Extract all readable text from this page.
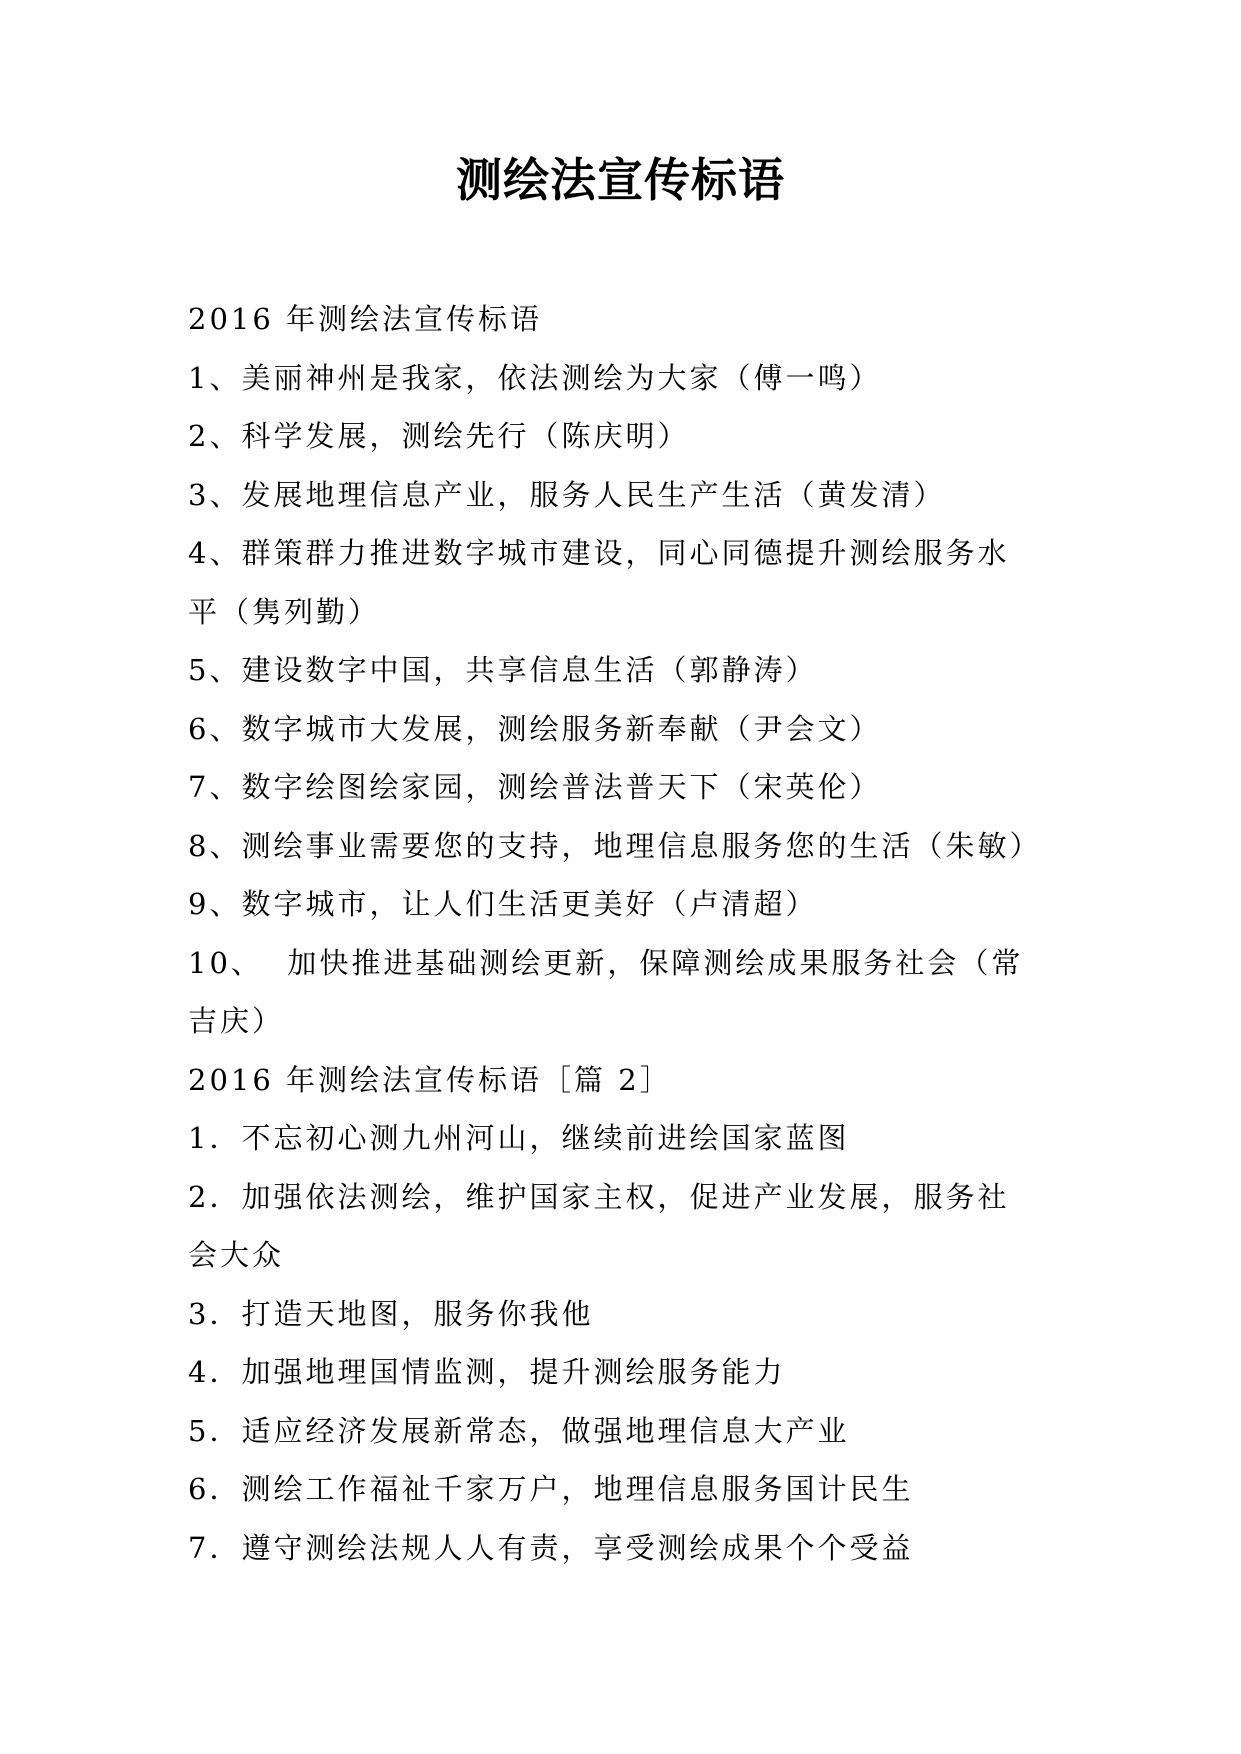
测绘法宣传标语
2016 年测绘法宣传标语
1、美丽神州是我家，依法测绘为大家（傅一鸣）
2、科学发展，测绘先行（陈庆明）
3、发展地理信息产业，服务人民生产生活（黄发清）
4、群策群力推进数字城市建设，同心同德提升测绘服务水
平（隽列勤）
5、建设数字中国，共享信息生活（郭静涛）
6、数字城市大发展，测绘服务新奉献（尹会文）
7、数字绘图绘家园，测绘普法普天下（宋英伦）
8、测绘事业需要您的支持，地理信息服务您的生活（朱敏）
9、数字城市，让人们生活更美好（卢清超）
10、  加快推进基础测绘更新，保障测绘成果服务社会（常
吉庆）
2016 年测绘法宣传标语［篇 2］
1．不忘初心测九州河山，继续前进绘国家蓝图
2．加强依法测绘，维护国家主权，促进产业发展，服务社
会大众
3．打造天地图，服务你我他
4．加强地理国情监测，提升测绘服务能力
5．适应经济发展新常态，做强地理信息大产业
6．测绘工作福祉千家万户，地理信息服务国计民生
7．遵守测绘法规人人有责，享受测绘成果个个受益
